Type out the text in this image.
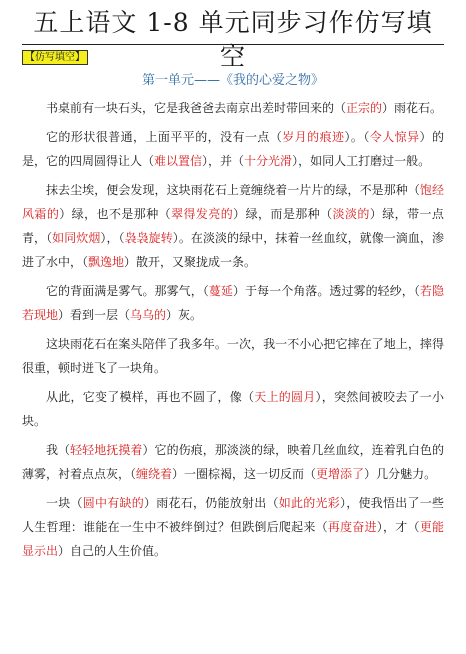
五上语文 1-8 单元同步习作仿写填空
【仿写填空】
第一单元——《我的心爱之物》

书桌前有一块石头，它是我爸爸去南京出差时带回来的（正宗的）雨花石。

它的形状很普通，上面平平的，没有一点（岁月的痕迹）。（令人惊异）的是，它的四周圆得让人（难以置信），并（十分光滑），如同人工打磨过一般。

抹去尘埃，便会发现，这块雨花石上竟缠绕着一片片的绿，不是那种（饱经风霜的）绿，也不是那种（翠得发亮的）绿，而是那种（淡淡的）绿，带一点青，（如同炊烟），（袅袅旋转）。在淡淡的绿中，抹着一丝血纹，就像一滴血，渗进了水中，（飘逸地）散开，又聚拢成一条。

它的背面满是雾气。那雾气，（蔓延）于每一个角落。透过雾的轻纱，（若隐若现地）看到一层（乌乌的）灰。

这块雨花石在案头陪伴了我多年。一次，我一不小心把它摔在了地上，摔得很重，顿时迸飞了一块角。

从此，它变了模样，再也不圆了，像（天上的圆月），突然间被咬去了一小块。

我（轻轻地抚摸着）它的伤痕，那淡淡的绿，映着几丝血纹，连着乳白色的薄雾，衬着点点灰，（缠绕着）一圈棕褐，这一切反而（更增添了）几分魅力。

一块（圆中有缺的）雨花石，仍能放射出（如此的光彩），使我悟出了一些人生哲理：谁能在一生中不被绊倒过？但跌倒后爬起来（再度奋进），才（更能显示出）自己的人生价值。
